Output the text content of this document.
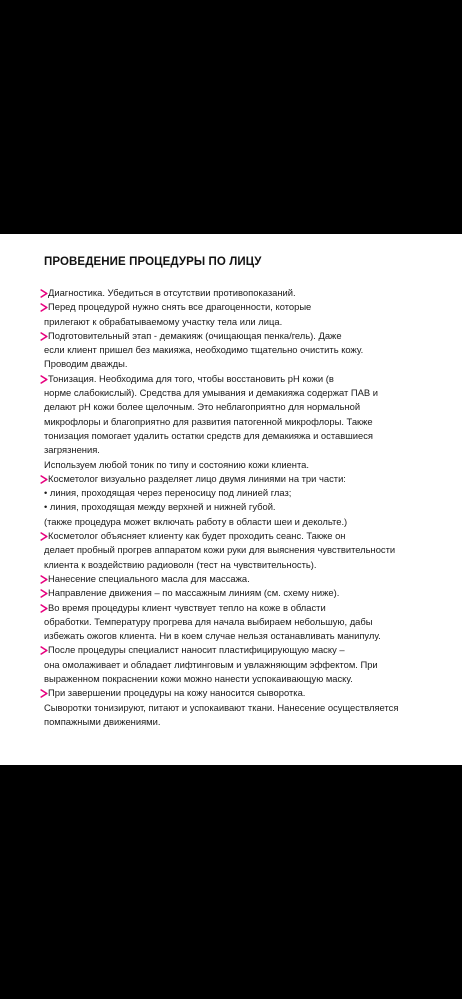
ПРОВЕДЕНИЕ ПРОЦЕДУРЫ ПО ЛИЦУ
Диагностика. Убедиться в отсутствии противопоказаний.
Перед процедурой нужно снять все драгоценности, которые
прилегают к обрабатываемому участку тела или лица.
Подготовительный этап - демакияж (очищающая пенка/гель). Даже
если клиент пришел без макияжа, необходимо тщательно очистить кожу.
Проводим дважды.
Тонизация. Необходима для того, чтобы восстановить pH кожи (в
норме слабокислый). Средства для умывания и демакияжа содержат ПАВ и
делают pH кожи более щелочным. Это неблагоприятно для нормальной
микрофлоры и благоприятно для развития патогенной микрофлоры. Также
тонизация помогает удалить остатки средств для демакияжа и оставшиеся
загрязнения.
Используем любой тоник по типу и состоянию кожи клиента.
Косметолог визуально разделяет лицо двумя линиями на три части:
• линия, проходящая через переносицу под линией глаз;
• линия, проходящая между верхней и нижней губой.
(также процедура может включать работу в области шеи и декольте.)
Косметолог объясняет клиенту как будет проходить сеанс. Также он
делает пробный прогрев аппаратом кожи руки для выяснения чувствительности
клиента к воздействию радиоволн (тест на чувствительность).
Нанесение специального масла для массажа.
Направление движения – по массажным линиям (см. схему ниже).
Во время процедуры клиент чувствует тепло на коже в области
обработки. Температуру прогрева для начала выбираем небольшую, дабы
избежать ожогов клиента. Ни в коем случае нельзя останавливать манипулу.
После процедуры специалист наносит пластифицирующую маску –
она омолаживает и обладает лифтинговым и увлажняющим эффектом. При
выраженном покраснении кожи можно нанести успокаивающую маску.
При завершении процедуры на кожу наносится сыворотка.
Сыворотки тонизируют, питают и успокаивают ткани. Нанесение осуществляется
помпажными движениями.
